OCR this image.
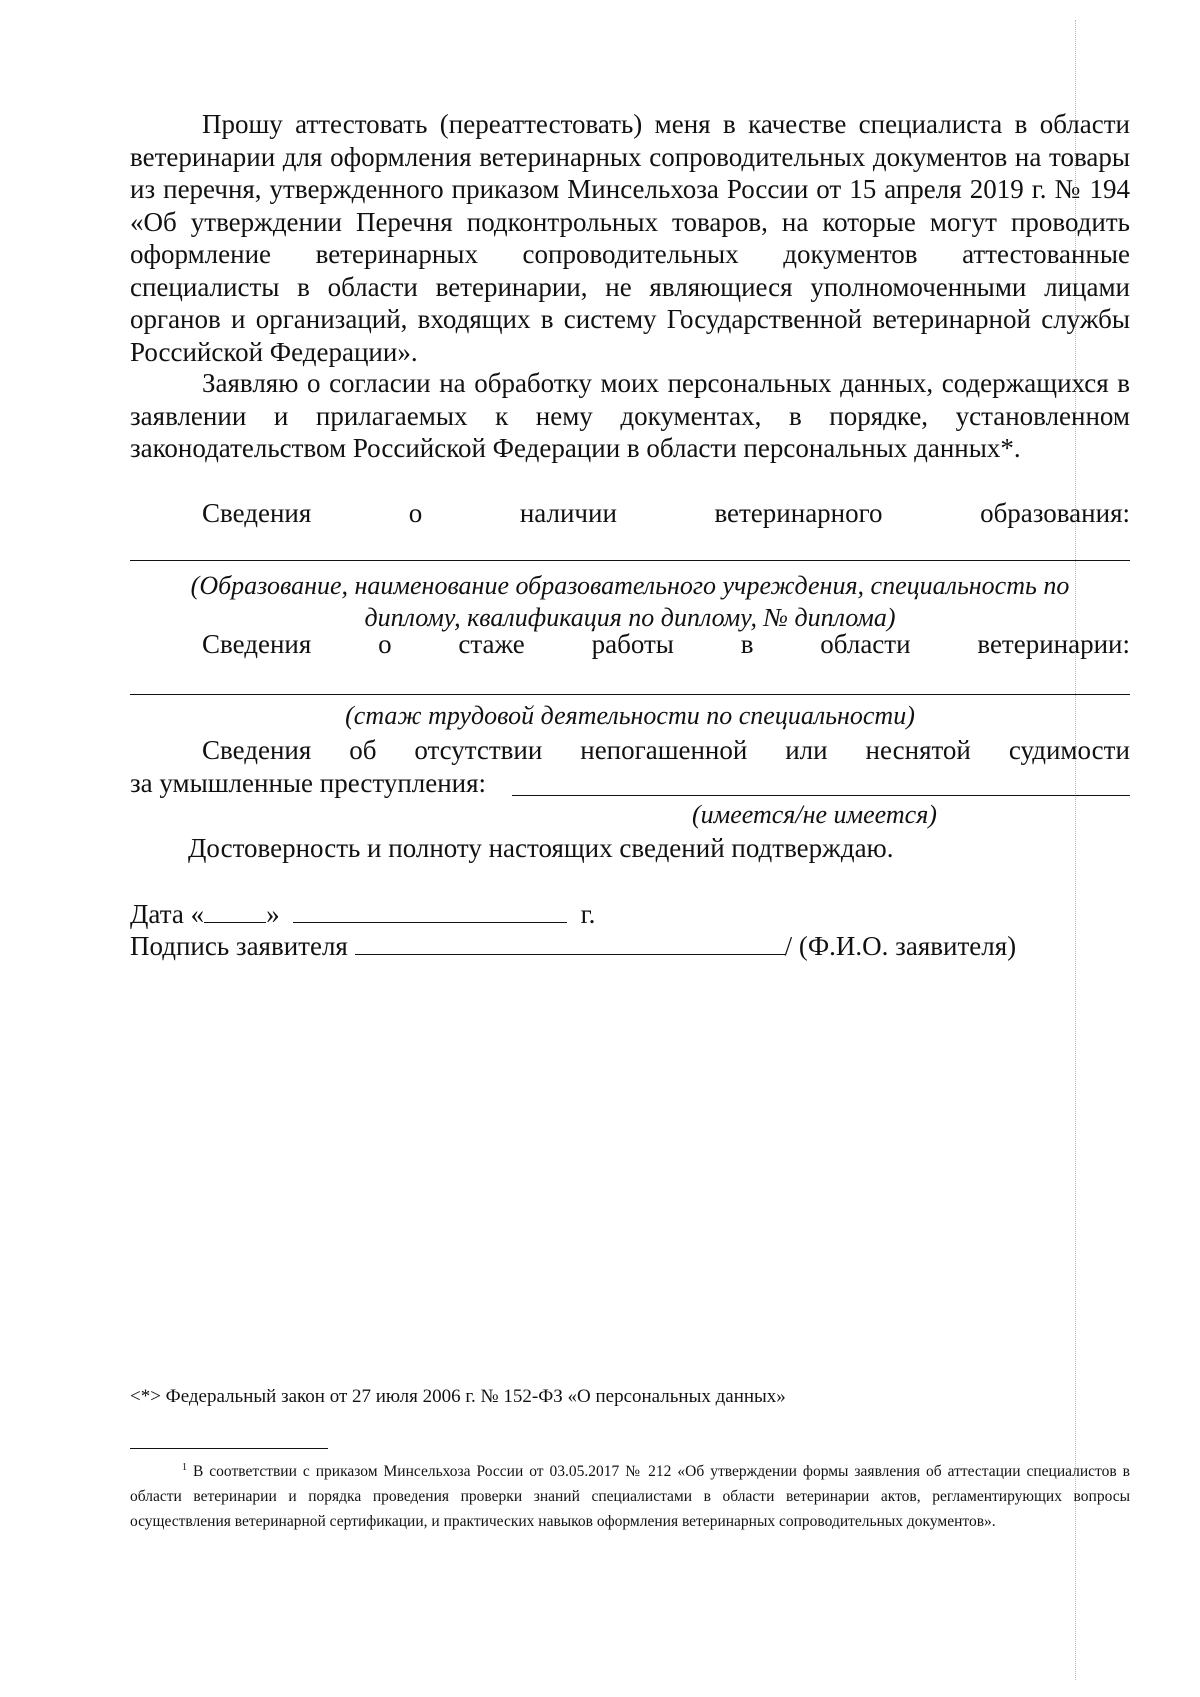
Прошу аттестовать (переаттестовать) меня в качестве специалиста в области ветеринарии для оформления ветеринарных сопроводительных документов на товары из перечня, утвержденного приказом Минсельхоза России от 15 апреля 2019 г. № 194 «Об утверждении Перечня подконтрольных товаров, на которые могут проводить оформление ветеринарных сопроводительных документов аттестованные специалисты в области ветеринарии, не являющиеся уполномоченными лицами органов и организаций, входящих в систему Государственной ветеринарной службы Российской Федерации».

Заявляю о согласии на обработку моих персональных данных, содержащихся в заявлении и прилагаемых к нему документах, в порядке, установленном законодательством Российской Федерации в области персональных данных*.

Сведения	о	наличии	ветеринарного	образования:
(Образование, наименование образовательного учреждения, специальность по
диплому, квалификация по диплому, № диплома)
Сведения о стаже работы в области ветеринарии:
(стаж трудовой деятельности по специальности)
Сведения об отсутствии непогашенной или неснятой судимости
за умышленные преступления:
(имеется/не имеется)
Достоверность и полноту настоящих сведений подтверждаю.
Дата « »	г.
Подпись заявителя	/ (Ф.И.О. заявителя)
<*> Федеральный закон от 27 июля 2006 г. № 152-ФЗ «О персональных данных»

$^1$ В соответствии с приказом Минсельхоза России от 03.05.2017 № 212 «Об утверждении формы заявления об аттестации специалистов в области ветеринарии и порядка проведения проверки знаний специалистами в области ветеринарии актов, регламентирующих вопросы осуществления ветеринарной сертификации, и практических навыков оформления ветеринарных сопроводительных документов».
